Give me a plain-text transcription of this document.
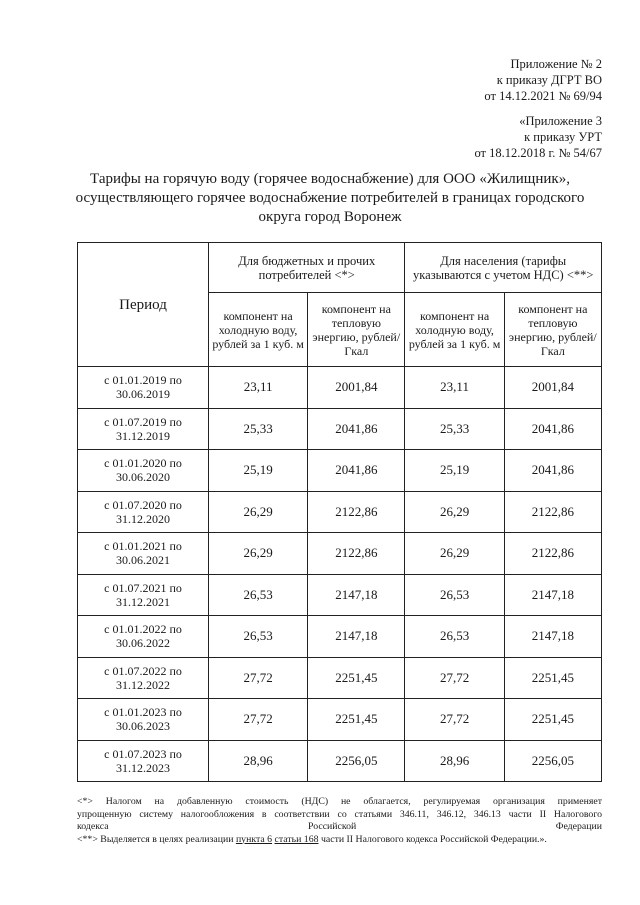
Приложение № 2
к приказу ДГРТ ВО
от 14.12.2021 № 69/94
«Приложение 3
к приказу УРТ
от 18.12.2018 г. № 54/67
Тарифы на горячую воду (горячее водоснабжение) для ООО «Жилищник»,
осуществляющего горячее водоснабжение потребителей в границах городского
округа город Воронеж
Период	Для бюджетных и прочих потребителей <*>		Для населения (тарифы указываются с учетом НДС) <**>	
	компонент на холодную воду, рублей за 1 куб. м	компонент на тепловую энергию, рублей/Гкал	компонент на холодную воду, рублей за 1 куб. м	компонент на тепловую энергию, рублей/Гкал
с 01.01.2019 по 30.06.2019	23,11	2001,84	23,11	2001,84
с 01.07.2019 по 31.12.2019	25,33	2041,86	25,33	2041,86
с 01.01.2020 по 30.06.2020	25,19	2041,86	25,19	2041,86
с 01.07.2020 по 31.12.2020	26,29	2122,86	26,29	2122,86
с 01.01.2021 по 30.06.2021	26,29	2122,86	26,29	2122,86
с 01.07.2021 по 31.12.2021	26,53	2147,18	26,53	2147,18
с 01.01.2022 по 30.06.2022	26,53	2147,18	26,53	2147,18
с 01.07.2022 по 31.12.2022	27,72	2251,45	27,72	2251,45
с 01.01.2023 по 30.06.2023	27,72	2251,45	27,72	2251,45
с 01.07.2023 по 31.12.2023	28,96	2256,05	28,96	2256,05
<*> Налогом на добавленную стоимость (НДС) не облагается, регулируемая организация применяет
упрощенную систему налогообложения в соответствии со статьями 346.11, 346.12, 346.13 части II Налогового
кодекса Российской Федерации
<**> Выделяется в целях реализации пункта 6 статьи 168 части II Налогового кодекса Российской Федерации.».
